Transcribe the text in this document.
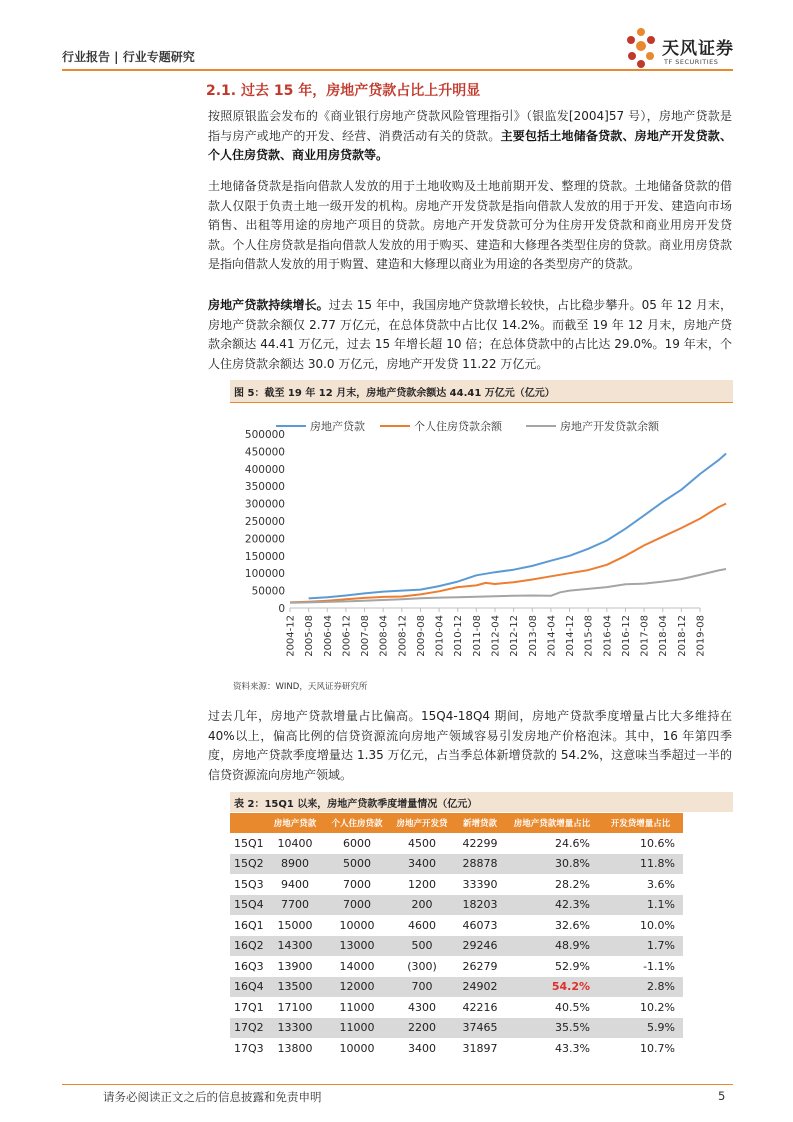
行业报告 | 行业专题研究	天风证券
TF SECURITIES
2.1. 过去 15 年，房地产贷款占比上升明显
按照原银监会发布的《商业银行房地产贷款风险管理指引》（银监发[2004]57 号），房地产贷款是指与房产或地产的开发、经营、消费活动有关的贷款。主要包括土地储备贷款、房地产开发贷款、个人住房贷款、商业用房贷款等。
土地储备贷款是指向借款人发放的用于土地收购及土地前期开发、整理的贷款。土地储备贷款的借款人仅限于负责土地一级开发的机构。房地产开发贷款是指向借款人发放的用于开发、建造向市场销售、出租等用途的房地产项目的贷款。房地产开发贷款可分为住房开发贷款和商业用房开发贷款。个人住房贷款是指向借款人发放的用于购买、建造和大修理各类型住房的贷款。商业用房贷款是指向借款人发放的用于购置、建造和大修理以商业为用途的各类型房产的贷款。
房地产贷款持续增长。过去 15 年中，我国房地产贷款增长较快，占比稳步攀升。05 年 12 月末，房地产贷款余额仅 2.77 万亿元，在总体贷款中占比仅 14.2%。而截至 19 年 12 月末，房地产贷款余额达 44.41 万亿元，过去 15 年增长超 10 倍；在总体贷款中的占比达 29.0%。19 年末，个人住房贷款余额达 30.0 万亿元，房地产开发贷 11.22 万亿元。
图 5：截至 19 年 12 月末，房地产贷款余额达 44.41 万亿元（亿元）
房地产贷款	个人住房贷款余额	房地产开发贷款余额
0
50000
100000
150000
200000
250000
300000
350000
400000
450000
500000
2004-12 2005-08 2006-04 2006-12 2007-08 2008-04 2008-12 2009-08 2010-04 2010-12 2011-08 2012-04 2012-12 2013-08 2014-04 2014-12 2015-08 2016-04 2016-12 2017-08 2018-04 2018-12 2019-08
资料来源：WIND，天风证券研究所
过去几年，房地产贷款增量占比偏高。15Q4-18Q4 期间，房地产贷款季度增量占比大多维持在 40%以上，偏高比例的信贷资源流向房地产领域容易引发房地产价格泡沫。其中，16 年第四季度，房地产贷款季度增量达 1.35 万亿元，占当季总体新增贷款的 54.2%，这意味当季超过一半的信贷资源流向房地产领域。
表 2：15Q1 以来，房地产贷款季度增量情况（亿元）
	房地产贷款	个人住房贷款	房地产开发贷	新增贷款	房地产贷款增量占比	开发贷增量占比
15Q1	10400	6000	4500	42299	24.6%	10.6%
15Q2	8900	5000	3400	28878	30.8%	11.8%
15Q3	9400	7000	1200	33390	28.2%	3.6%
15Q4	7700	7000	200	18203	42.3%	1.1%
16Q1	15000	10000	4600	46073	32.6%	10.0%
16Q2	14300	13000	500	29246	48.9%	1.7%
16Q3	13900	14000	(300)	26279	52.9%	-1.1%
16Q4	13500	12000	700	24902	54.2%	2.8%
17Q1	17100	11000	4300	42216	40.5%	10.2%
17Q2	13300	11000	2200	37465	35.5%	5.9%
17Q3	13800	10000	3400	31897	43.3%	10.7%
请务必阅读正文之后的信息披露和免责申明	5
